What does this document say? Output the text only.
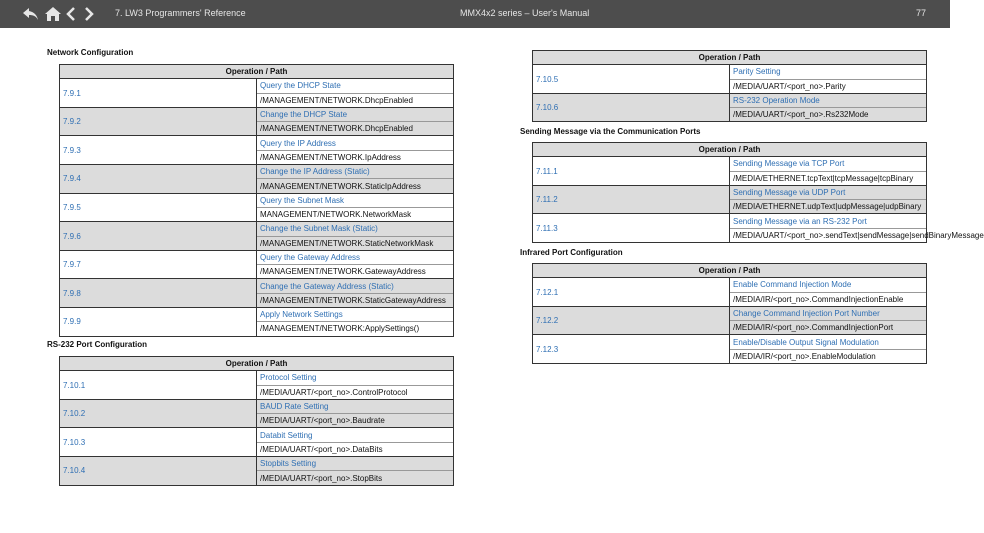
7. LW3 Programmers' Reference	MMX4x2 series – User's Manual	77
Network Configuration
Operation / Path	
7.9.1	Query the DHCP State
	/MANAGEMENT/NETWORK.DhcpEnabled
7.9.2	Change the DHCP State
	/MANAGEMENT/NETWORK.DhcpEnabled
7.9.3	Query the IP Address
	/MANAGEMENT/NETWORK.IpAddress
7.9.4	Change the IP Address (Static)
	/MANAGEMENT/NETWORK.StaticIpAddress
7.9.5	Query the Subnet Mask
	MANAGEMENT/NETWORK.NetworkMask
7.9.6	Change the Subnet Mask (Static)
	/MANAGEMENT/NETWORK.StaticNetworkMask
7.9.7	Query the Gateway Address
	/MANAGEMENT/NETWORK.GatewayAddress
7.9.8	Change the Gateway Address (Static)
	/MANAGEMENT/NETWORK.StaticGatewayAddress
7.9.9	Apply Network Settings
	/MANAGEMENT/NETWORK:ApplySettings()
RS-232 Port Configuration
Operation / Path	
7.10.1	Protocol Setting
	/MEDIA/UART/<port_no>.ControlProtocol
7.10.2	BAUD Rate Setting
	/MEDIA/UART/<port_no>.Baudrate
7.10.3	Databit Setting
	/MEDIA/UART/<port_no>.DataBits
7.10.4	Stopbits Setting
	/MEDIA/UART/<port_no>.StopBits
Operation / Path	
7.10.5	Parity Setting
	/MEDIA/UART/<port_no>.Parity
7.10.6	RS-232 Operation Mode
	/MEDIA/UART/<port_no>.Rs232Mode
Sending Message via the Communication Ports
Operation / Path	
7.11.1	Sending Message via TCP Port
	/MEDIA/ETHERNET.tcpText|tcpMessage|tcpBinary
7.11.2	Sending Message via UDP Port
	/MEDIA/ETHERNET.udpText|udpMessage|udpBinary
7.11.3	Sending Message via an RS-232 Port
	/MEDIA/UART/<port_no>.sendText|sendMessage|sendBinaryMessage
Infrared Port Configuration
Operation / Path	
7.12.1	Enable Command Injection Mode
	/MEDIA/IR/<port_no>.CommandInjectionEnable
7.12.2	Change Command Injection Port Number
	/MEDIA/IR/<port_no>.CommandInjectionPort
7.12.3	Enable/Disable Output Signal Modulation
	/MEDIA/IR/<port_no>.EnableModulation
